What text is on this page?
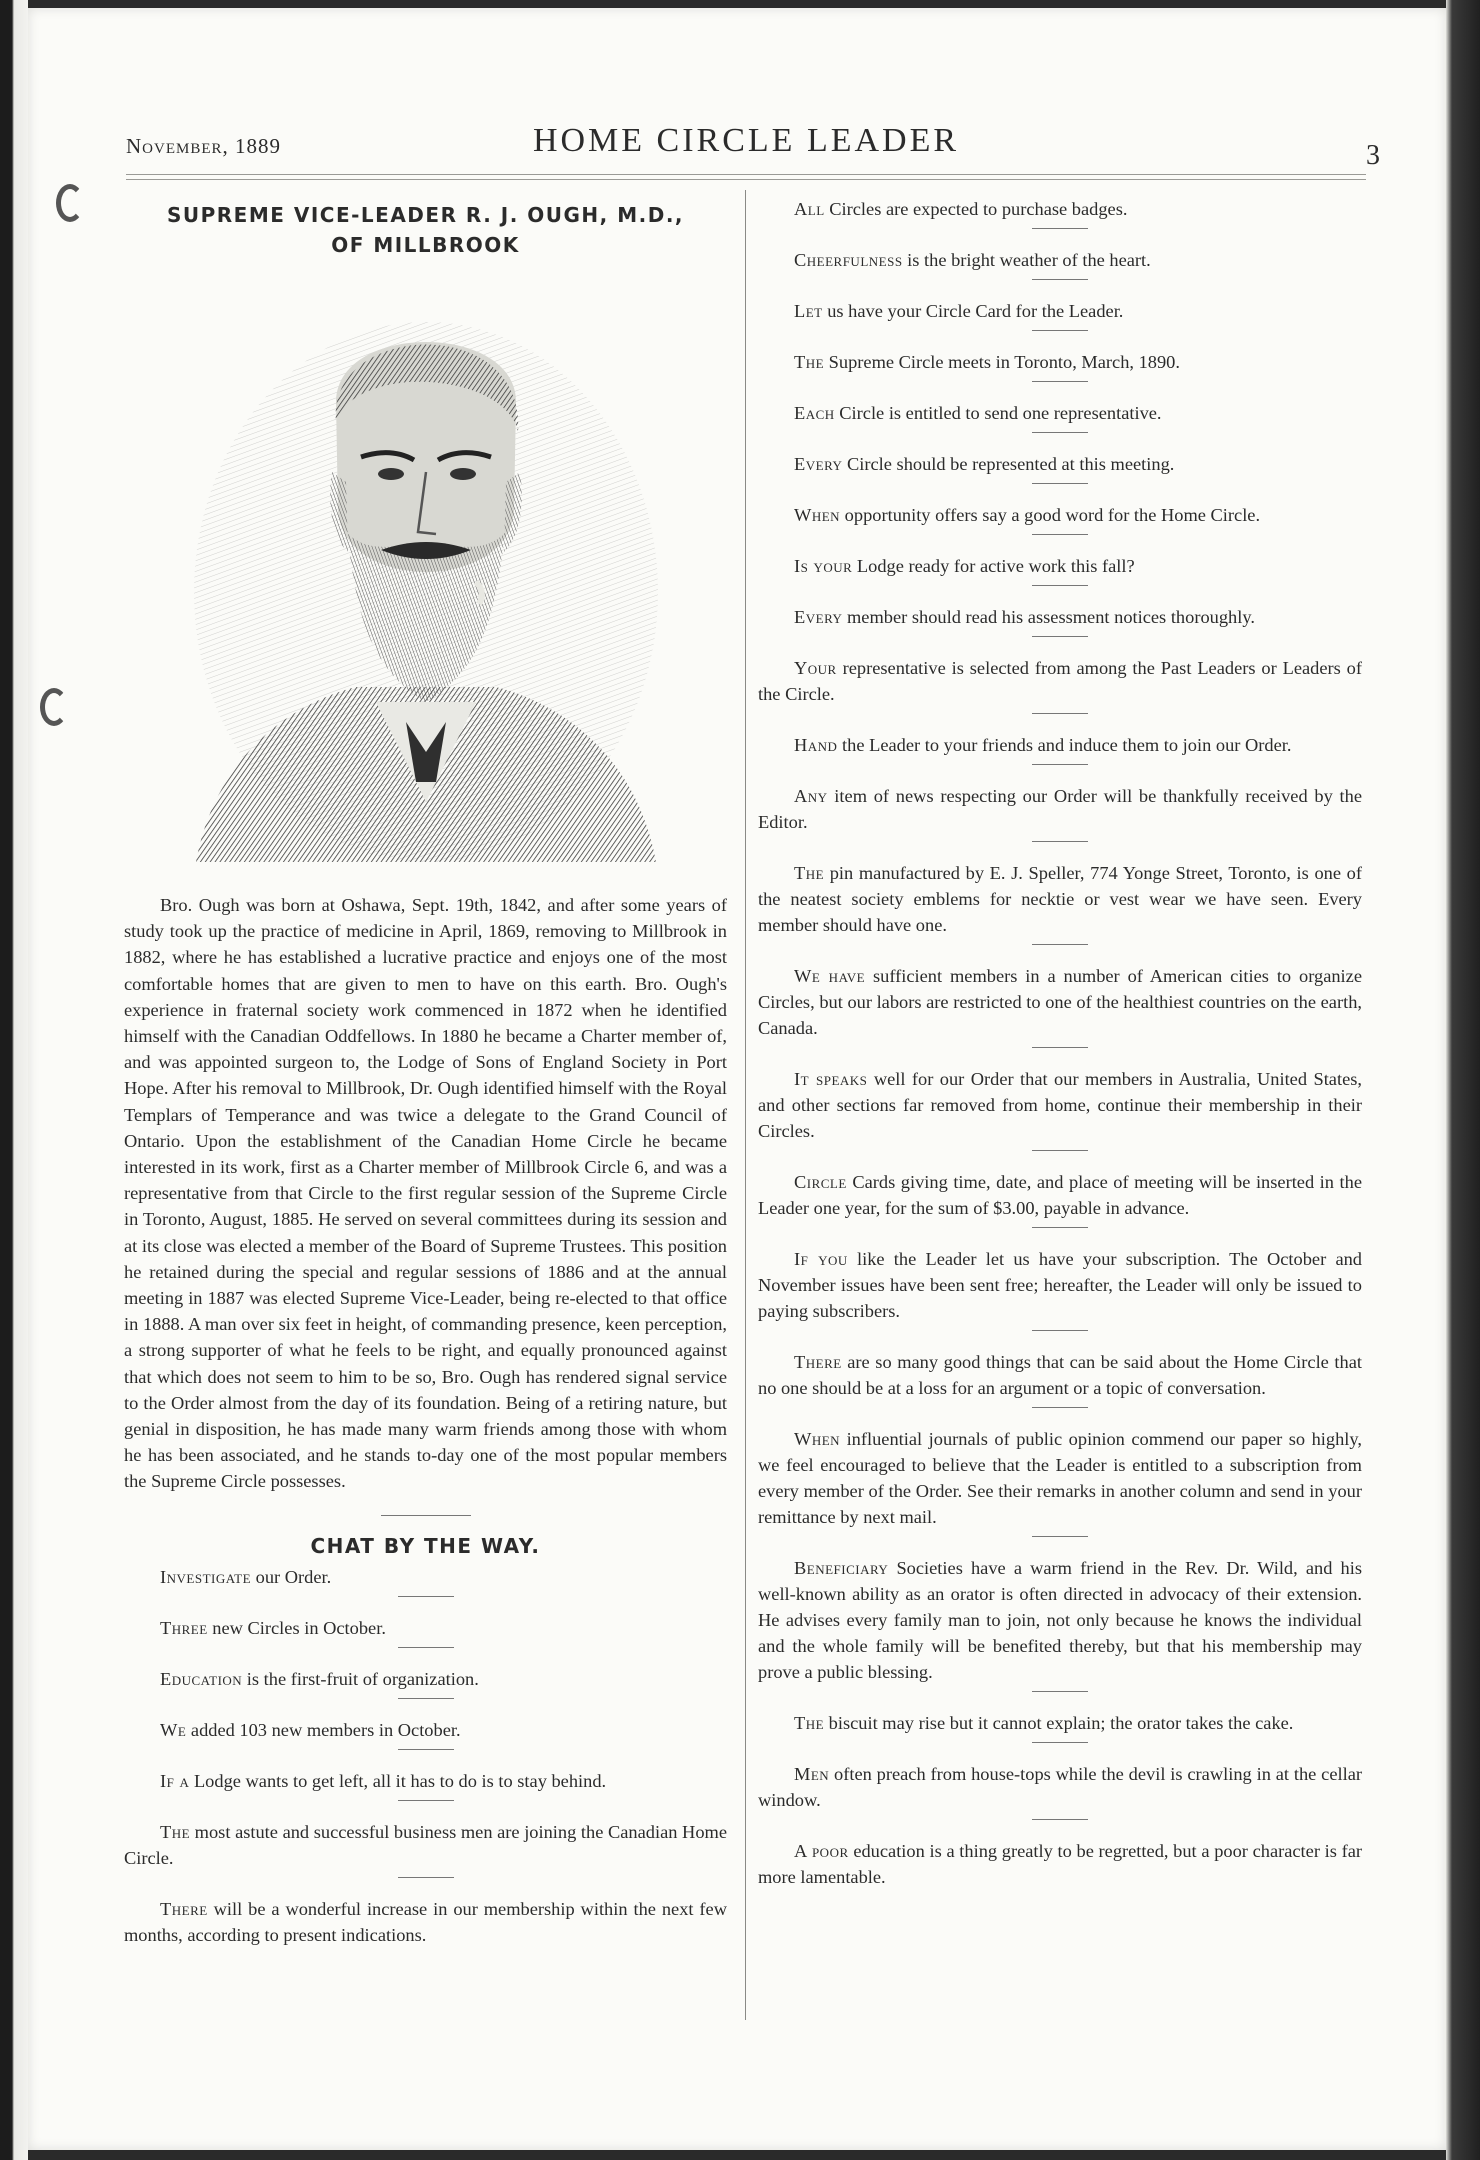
November, 1889	HOME CIRCLE LEADER	3
SUPREME VICE-LEADER R. J. OUGH, M.D.,
OF MILLBROOK

Bro. Ough was born at Oshawa, Sept. 19th, 1842, and after some years of study took up the practice of medicine in April, 1869, removing to Millbrook in 1882, where he has established a lucrative practice and enjoys one of the most comfortable homes that are given to men to have on this earth. Bro. Ough's experience in fraternal society work commenced in 1872 when he identified himself with the Canadian Oddfellows. In 1880 he became a Charter member of, and was appointed surgeon to, the Lodge of Sons of England Society in Port Hope. After his removal to Millbrook, Dr. Ough identified himself with the Royal Templars of Temperance and was twice a delegate to the Grand Council of Ontario. Upon the establishment of the Canadian Home Circle he became interested in its work, first as a Charter member of Millbrook Circle 6, and was a representative from that Circle to the first regular session of the Supreme Circle in Toronto, August, 1885. He served on several committees during its session and at its close was elected a member of the Board of Supreme Trustees. This position he retained during the special and regular sessions of 1886 and at the annual meeting in 1887 was elected Supreme Vice-Leader, being re-elected to that office in 1888. A man over six feet in height, of commanding presence, keen perception, a strong supporter of what he feels to be right, and equally pronounced against that which does not seem to him to be so, Bro. Ough has rendered signal service to the Order almost from the day of its foundation. Being of a retiring nature, but genial in disposition, he has made many warm friends among those with whom he has been associated, and he stands to-day one of the most popular members the Supreme Circle possesses.

CHAT BY THE WAY.

Investigate our Order.

Three new Circles in October.

Education is the first-fruit of organization.

We added 103 new members in October.

If a Lodge wants to get left, all it has to do is to stay behind.

The most astute and successful business men are joining the Canadian Home Circle.

There will be a wonderful increase in our membership within the next few months, according to present indications.

All Circles are expected to purchase badges.

Cheerfulness is the bright weather of the heart.

Let us have your Circle Card for the Leader.

The Supreme Circle meets in Toronto, March, 1890.

Each Circle is entitled to send one representative.

Every Circle should be represented at this meeting.

When opportunity offers say a good word for the Home Circle.

Is your Lodge ready for active work this fall?

Every member should read his assessment notices thoroughly.

Your representative is selected from among the Past Leaders or Leaders of the Circle.

Hand the Leader to your friends and induce them to join our Order.

Any item of news respecting our Order will be thankfully received by the Editor.

The pin manufactured by E. J. Speller, 774 Yonge Street, Toronto, is one of the neatest society emblems for necktie or vest wear we have seen. Every member should have one.

We have sufficient members in a number of American cities to organize Circles, but our labors are restricted to one of the healthiest countries on the earth, Canada.

It speaks well for our Order that our members in Australia, United States, and other sections far removed from home, continue their membership in their Circles.

Circle Cards giving time, date, and place of meeting will be inserted in the Leader one year, for the sum of $3.00, payable in advance.

If you like the Leader let us have your subscription. The October and November issues have been sent free; hereafter, the Leader will only be issued to paying subscribers.

There are so many good things that can be said about the Home Circle that no one should be at a loss for an argument or a topic of conversation.

When influential journals of public opinion commend our paper so highly, we feel encouraged to believe that the Leader is entitled to a subscription from every member of the Order. See their remarks in another column and send in your remittance by next mail.

Beneficiary Societies have a warm friend in the Rev. Dr. Wild, and his well-known ability as an orator is often directed in advocacy of their extension. He advises every family man to join, not only because he knows the individual and the whole family will be benefited thereby, but that his membership may prove a public blessing.

The biscuit may rise but it cannot explain; the orator takes the cake.

Men often preach from house-tops while the devil is crawling in at the cellar window.

A poor education is a thing greatly to be regretted, but a poor character is far more lamentable.
